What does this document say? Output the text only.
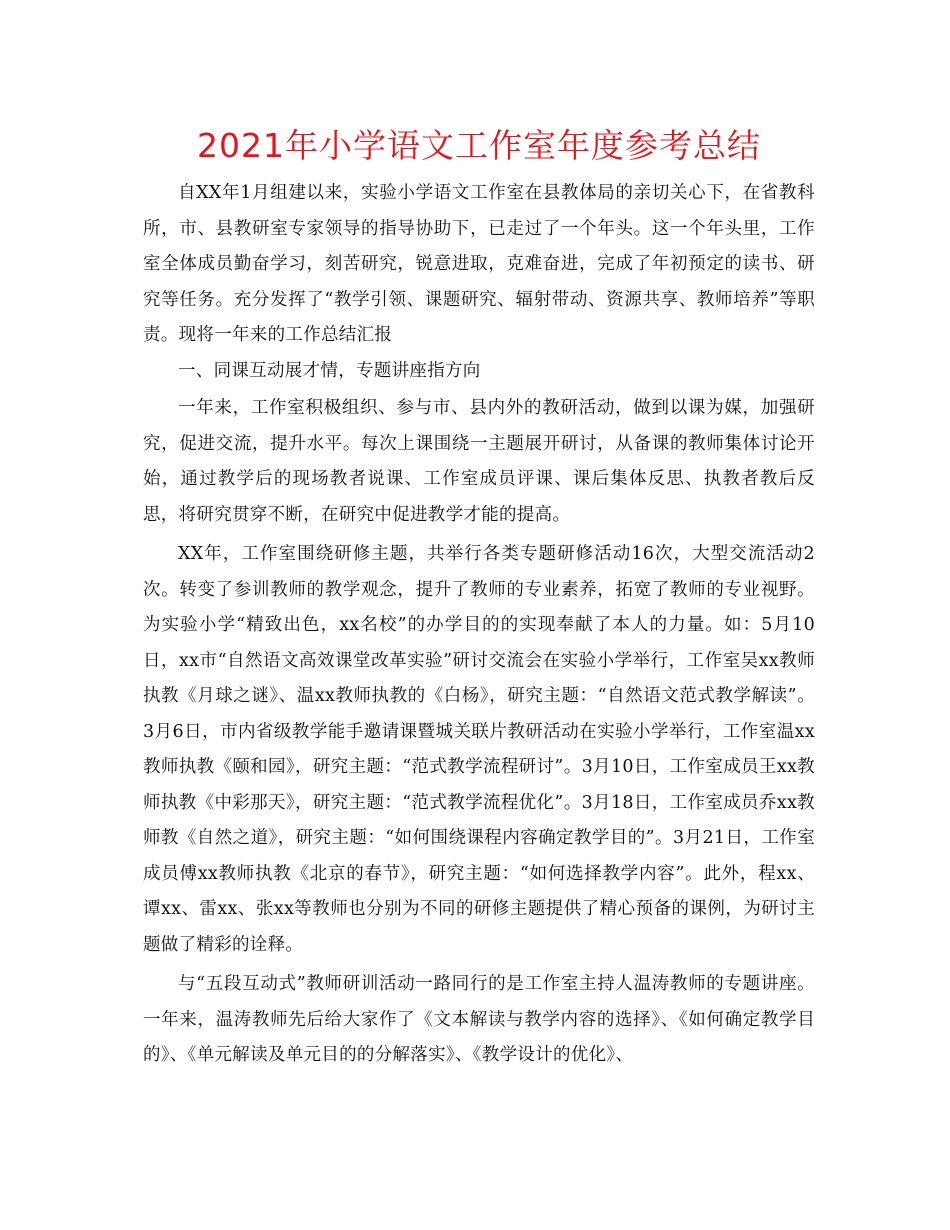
2021年小学语文工作室年度参考总结

自XX年1月组建以来，实验小学语文工作室在县教体局的亲切关心下，在省教科所，市、县教研室专家领导的指导协助下，已走过了一个年头。这一个年头里，工作室全体成员勤奋学习，刻苦研究，锐意进取，克难奋进，完成了年初预定的读书、研究等任务。充分发挥了“教学引领、课题研究、辐射带动、资源共享、教师培养”等职责。现将一年来的工作总结汇报

一、同课互动展才情，专题讲座指方向

一年来，工作室积极组织、参与市、县内外的教研活动，做到以课为媒，加强研究，促进交流，提升水平。每次上课围绕一主题展开研讨，从备课的教师集体讨论开始，通过教学后的现场教者说课、工作室成员评课、课后集体反思、执教者教后反思，将研究贯穿不断，在研究中促进教学才能的提高。

XX年，工作室围绕研修主题，共举行各类专题研修活动16次，大型交流活动2次。转变了参训教师的教学观念，提升了教师的专业素养，拓宽了教师的专业视野。为实验小学“精致出色，xx名校”的办学目的的实现奉献了本人的力量。如：5月10日，xx市“自然语文高效课堂改革实验”研讨交流会在实验小学举行，工作室吴xx教师执教《月球之谜》、温xx教师执教的《白杨》，研究主题：“自然语文范式教学解读”。3月6日，市内省级教学能手邀请课暨城关联片教研活动在实验小学举行，工作室温xx教师执教《颐和园》，研究主题：“范式教学流程研讨”。3月10日，工作室成员王xx教师执教《中彩那天》，研究主题：“范式教学流程优化”。3月18日，工作室成员乔xx教师教《自然之道》，研究主题：“如何围绕课程内容确定教学目的”。3月21日，工作室成员傅xx教师执教《北京的春节》，研究主题：“如何选择教学内容”。此外，程xx、谭xx、雷xx、张xx等教师也分别为不同的研修主题提供了精心预备的课例，为研讨主题做了精彩的诠释。

与“五段互动式”教师研训活动一路同行的是工作室主持人温涛教师的专题讲座。一年来，温涛教师先后给大家作了《文本解读与教学内容的选择》、《如何确定教学目的》、《单元解读及单元目的的分解落实》、《教学设计的优化》、
